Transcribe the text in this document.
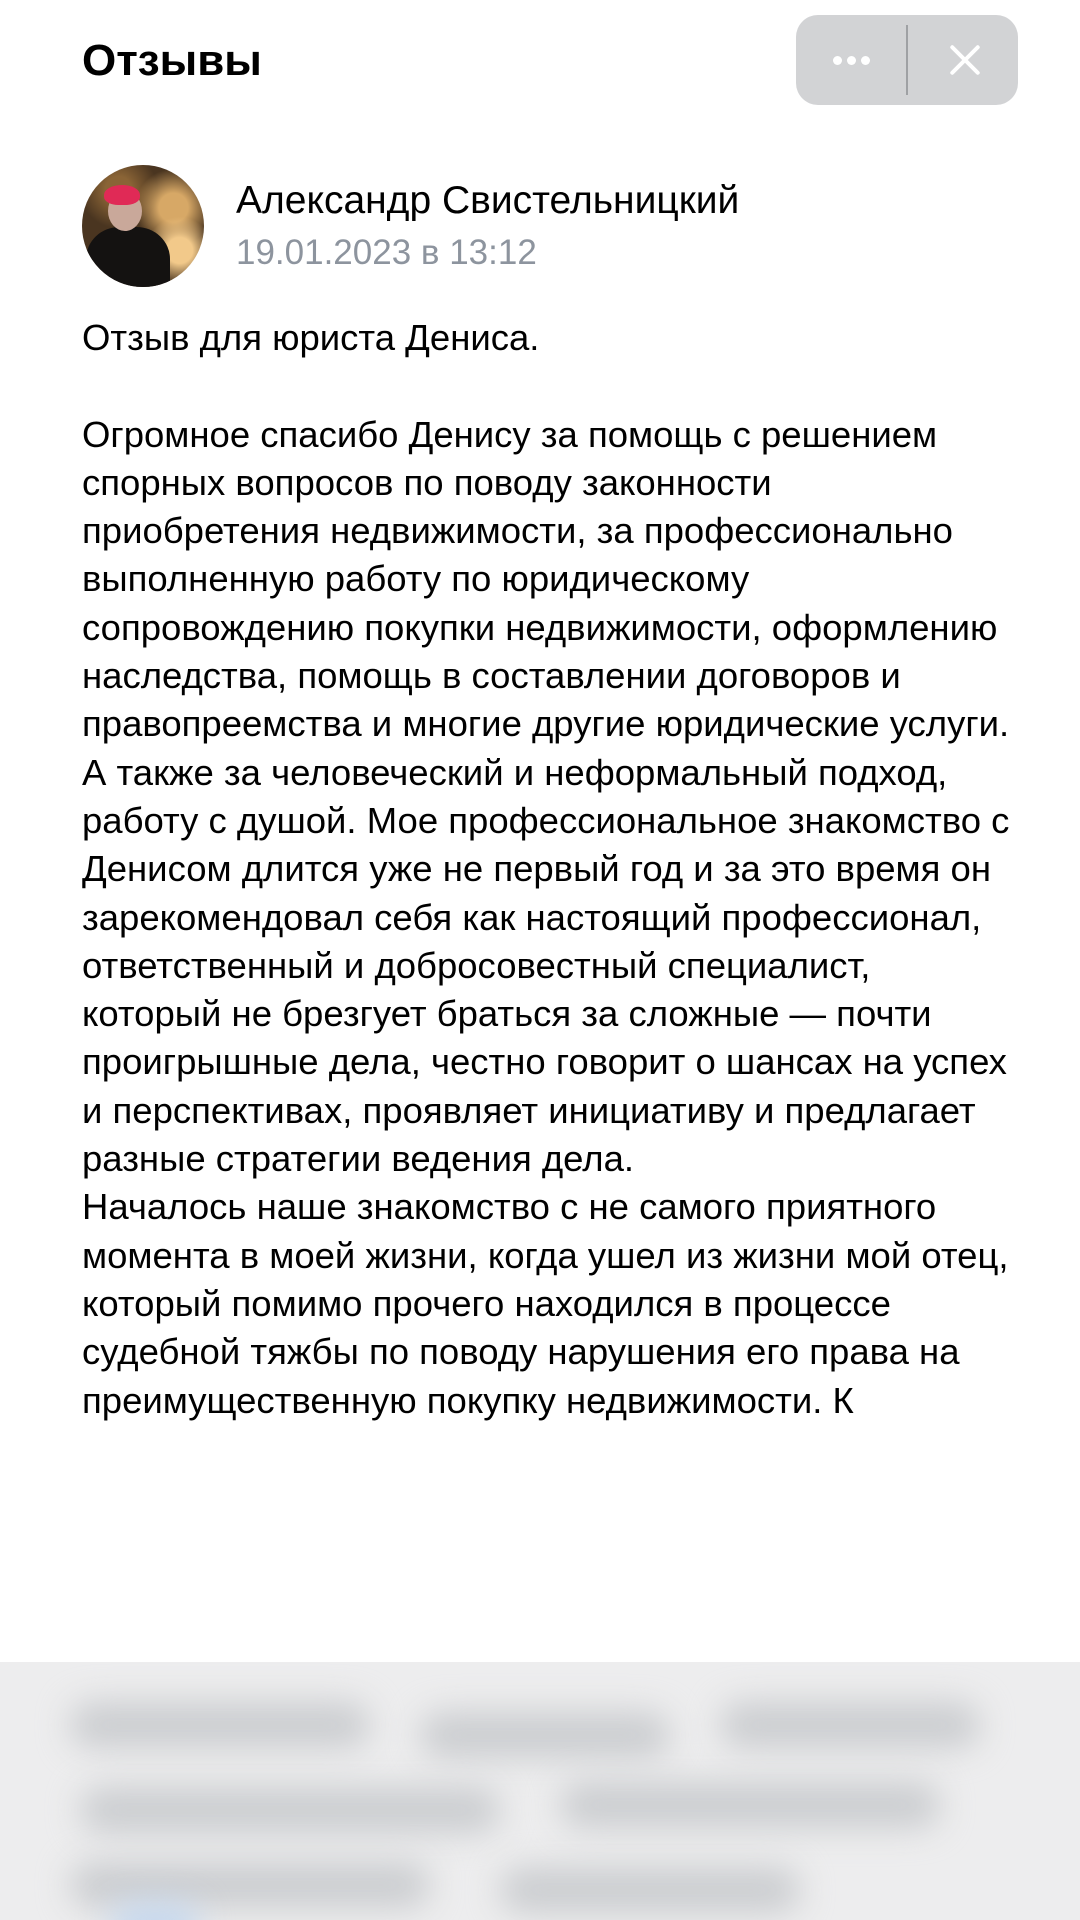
Отзывы
Александр Свистельницкий
19.01.2023 в 13:12
Отзыв для юриста Дениса.

Огромное спасибо Денису за помощь с решением спорных вопросов по поводу законности приобретения недвижимости, за профессионально выполненную работу по юридическому сопровождению покупки недвижимости, оформлению наследства, помощь в составлении договоров и правопреемства и многие другие юридические услуги. А также за человеческий и неформальный подход, работу с душой. Мое профессиональное знакомство с Денисом длится уже не первый год и за это время он зарекомендовал себя как настоящий профессионал, ответственный и добросовестный специалист, который не брезгует браться за сложные — почти проигрышные дела, честно говорит о шансах на успех и перспективах, проявляет инициативу и предлагает разные стратегии ведения дела.
Началось наше знакомство с не самого приятного момента в моей жизни, когда ушел из жизни мой отец, который помимо прочего находился в процессе судебной тяжбы по поводу нарушения его права на преимущественную покупку недвижимости. К
